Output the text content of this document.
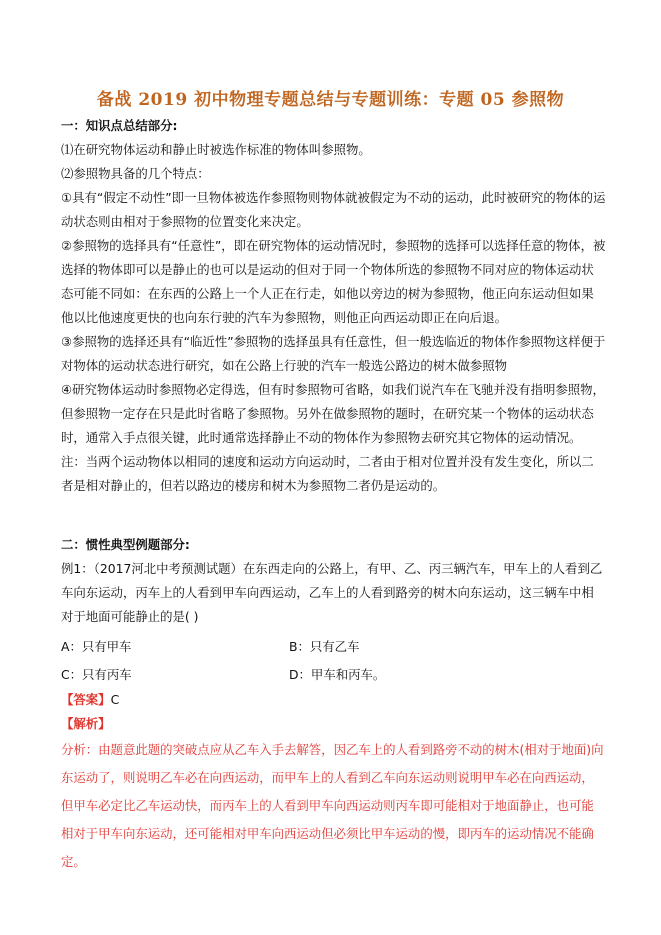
备战 2019 初中物理专题总结与专题训练：专题 05 参照物

一：知识点总结部分:

⑴在研究物体运动和静止时被选作标准的物体叫参照物。

⑵参照物具备的几个特点：

①具有“假定不动性”即一旦物体被选作参照物则物体就被假定为不动的运动，此时被研究的物体的运动状态则由相对于参照物的位置变化来决定。

②参照物的选择具有“任意性”，即在研究物体的运动情况时，参照物的选择可以选择任意的物体，被选择的物体即可以是静止的也可以是运动的但对于同一个物体所选的参照物不同对应的物体运动状态可能不同如：在东西的公路上一个人正在行走，如他以旁边的树为参照物，他正向东运动但如果他以比他速度更快的也向东行驶的汽车为参照物，则他正向西运动即正在向后退。

③参照物的选择还具有“临近性”参照物的选择虽具有任意性，但一般选临近的物体作参照物这样便于对物体的运动状态进行研究，如在公路上行驶的汽车一般选公路边的树木做参照物

④研究物体运动时参照物必定得选，但有时参照物可省略，如我们说汽车在飞驰并没有指明参照物，但参照物一定存在只是此时省略了参照物。另外在做参照物的题时，在研究某一个物体的运动状态时，通常入手点很关键，此时通常选择静止不动的物体作为参照物去研究其它物体的运动情况。

注：当两个运动物体以相同的速度和运动方向运动时，二者由于相对位置并没有发生变化，所以二者是相对静止的，但若以路边的楼房和树木为参照物二者仍是运动的。

二：惯性典型例题部分:

例1：（2017河北中考预测试题）在东西走向的公路上，有甲、乙、丙三辆汽车，甲车上的人看到乙车向东运动，丙车上的人看到甲车向西运动，乙车上的人看到路旁的树木向东运动，这三辆车中相对于地面可能静止的是( )

A：只有甲车	B：只有乙车
C：只有丙车	D：甲车和丙车。

【答案】C

【解析】

分析：由题意此题的突破点应从乙车入手去解答，因乙车上的人看到路旁不动的树木(相对于地面)向东运动了，则说明乙车必在向西运动，而甲车上的人看到乙车向东运动则说明甲车必在向西运动，但甲车必定比乙车运动快，而丙车上的人看到甲车向西运动则丙车即可能相对于地面静止，也可能相对于甲车向东运动，还可能相对甲车向西运动但必须比甲车运动的慢，即丙车的运动情况不能确定。
